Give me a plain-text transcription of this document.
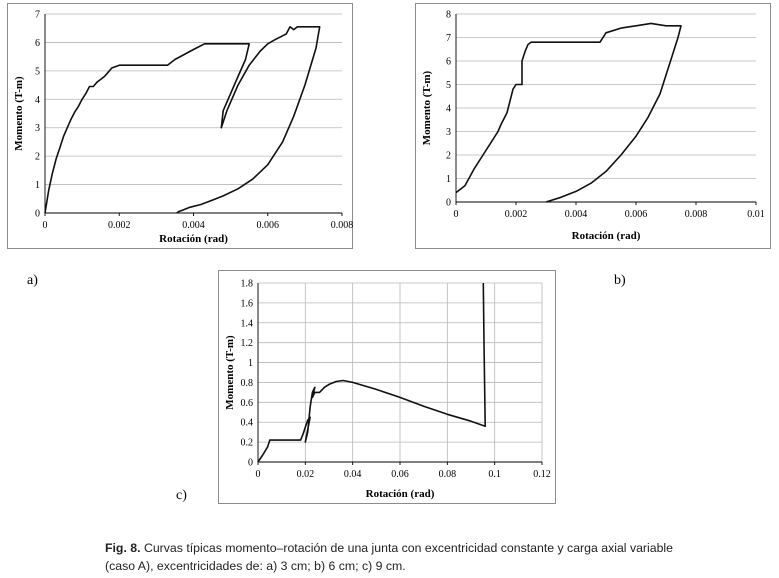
0
1
2
3
4
5
6
7
0	0.002	0.004	0.006	0.008
Rotación (rad)
Momento (T-m)
0
1
2
3
4
5
6
7
8
0	0.002	0.004	0.006	0.008	0.01
Rotación (rad)
Momento (T-m)
0
0.2
0.4
0.6
0.8
1
1.2
1.4
1.6
1.8
0	0.02	0.04	0.06	0.08	0.1	0.12
Rotación (rad)
Momento (T-m)
a)	b)
c)
Fig. 8. Curvas típicas momento–rotación de una junta con excentricidad constante y carga axial variable (caso A), excentricidades de: a) 3 cm; b) 6 cm; c) 9 cm.
